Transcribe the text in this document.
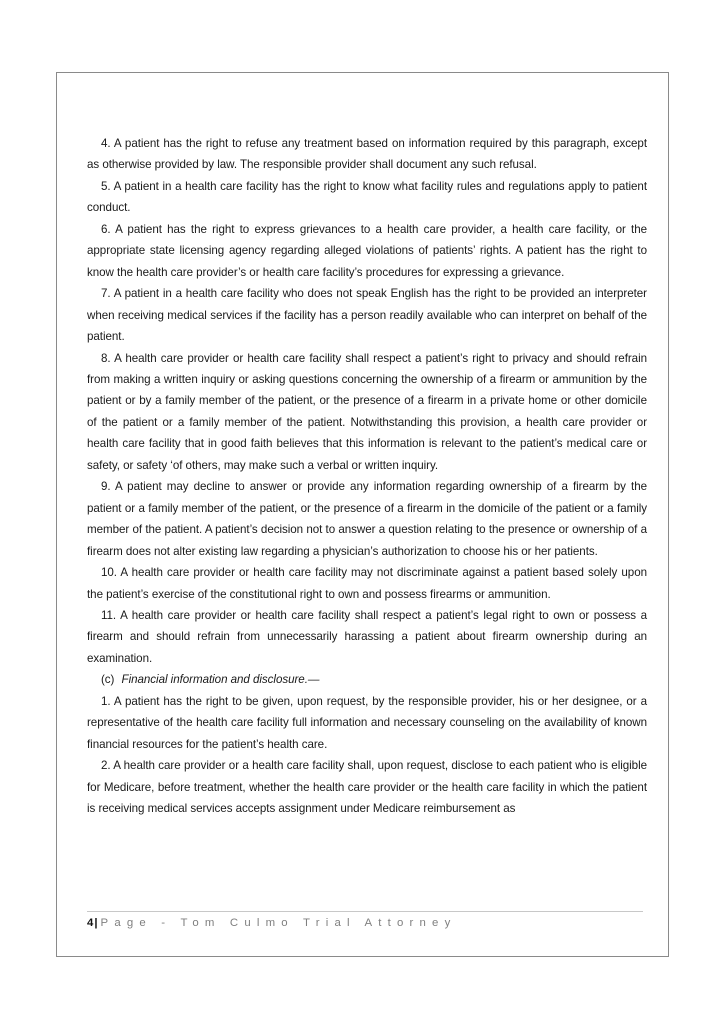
4. A patient has the right to refuse any treatment based on information required by this paragraph, except as otherwise provided by law. The responsible provider shall document any such refusal.

5. A patient in a health care facility has the right to know what facility rules and regulations apply to patient conduct.

6. A patient has the right to express grievances to a health care provider, a health care facility, or the appropriate state licensing agency regarding alleged violations of patients’ rights. A patient has the right to know the health care provider’s or health care facility’s procedures for expressing a grievance.

7. A patient in a health care facility who does not speak English has the right to be provided an interpreter when receiving medical services if the facility has a person readily available who can interpret on behalf of the patient.

8. A health care provider or health care facility shall respect a patient’s right to privacy and should refrain from making a written inquiry or asking questions concerning the ownership of a firearm or ammunition by the patient or by a family member of the patient, or the presence of a firearm in a private home or other domicile of the patient or a family member of the patient. Notwithstanding this provision, a health care provider or health care facility that in good faith believes that this information is relevant to the patient’s medical care or safety, or safety ‘of others, may make such a verbal or written inquiry.

9. A patient may decline to answer or provide any information regarding ownership of a firearm by the patient or a family member of the patient, or the presence of a firearm in the domicile of the patient or a family member of the patient. A patient’s decision not to answer a question relating to the presence or ownership of a firearm does not alter existing law regarding a physician’s authorization to choose his or her patients.

10. A health care provider or health care facility may not discriminate against a patient based solely upon the patient’s exercise of the constitutional right to own and possess firearms or ammunition.

11. A health care provider or health care facility shall respect a patient’s legal right to own or possess a firearm and should refrain from unnecessarily harassing a patient about firearm ownership during an examination.

(c) Financial information and disclosure.—

1. A patient has the right to be given, upon request, by the responsible provider, his or her designee, or a representative of the health care facility full information and necessary counseling on the availability of known financial resources for the patient’s health care.

2. A health care provider or a health care facility shall, upon request, disclose to each patient who is eligible for Medicare, before treatment, whether the health care provider or the health care facility in which the patient is receiving medical services accepts assignment under Medicare reimbursement as

4| Page - Tom Culmo Trial Attorney
